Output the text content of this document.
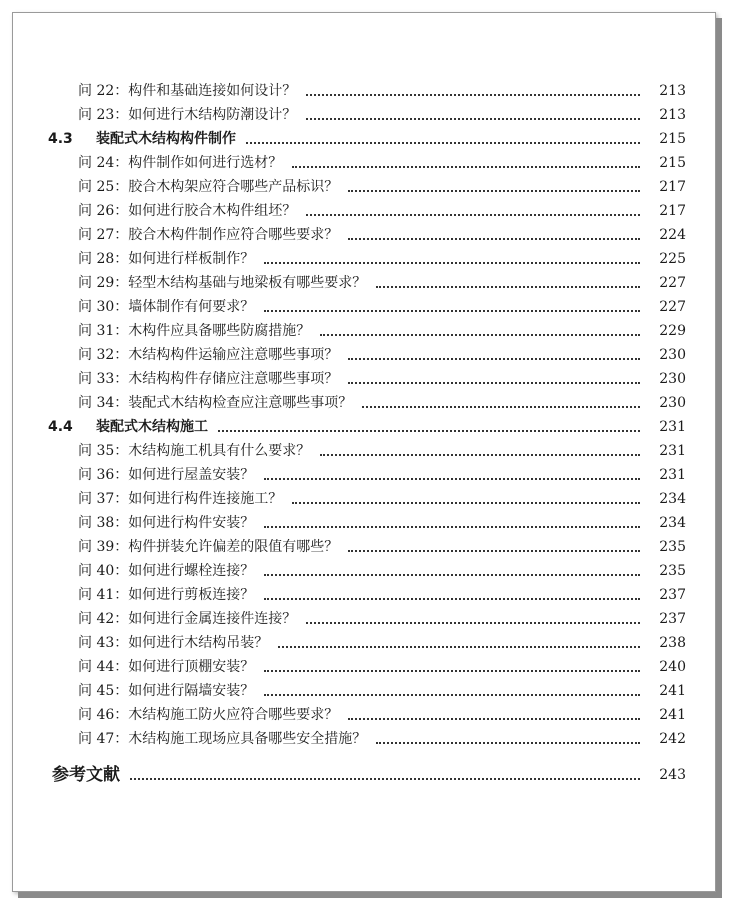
问 22：构件和基础连接如何设计？	213
问 23：如何进行木结构防潮设计？	213
4.3 装配式木结构构件制作	215
问 24：构件制作如何进行选材？	215
问 25：胶合木构架应符合哪些产品标识？	217
问 26：如何进行胶合木构件组坯？	217
问 27：胶合木构件制作应符合哪些要求？	224
问 28：如何进行样板制作？	225
问 29：轻型木结构基础与地梁板有哪些要求？	227
问 30：墙体制作有何要求？	227
问 31：木构件应具备哪些防腐措施？	229
问 32：木结构构件运输应注意哪些事项？	230
问 33：木结构构件存储应注意哪些事项？	230
问 34：装配式木结构检查应注意哪些事项？	230
4.4 装配式木结构施工	231
问 35：木结构施工机具有什么要求？	231
问 36：如何进行屋盖安装？	231
问 37：如何进行构件连接施工？	234
问 38：如何进行构件安装？	234
问 39：构件拼装允许偏差的限值有哪些？	235
问 40：如何进行螺栓连接？	235
问 41：如何进行剪板连接？	237
问 42：如何进行金属连接件连接？	237
问 43：如何进行木结构吊装？	238
问 44：如何进行顶棚安装？	240
问 45：如何进行隔墙安装？	241
问 46：木结构施工防火应符合哪些要求？	241
问 47：木结构施工现场应具备哪些安全措施？	242
参考文献	243
